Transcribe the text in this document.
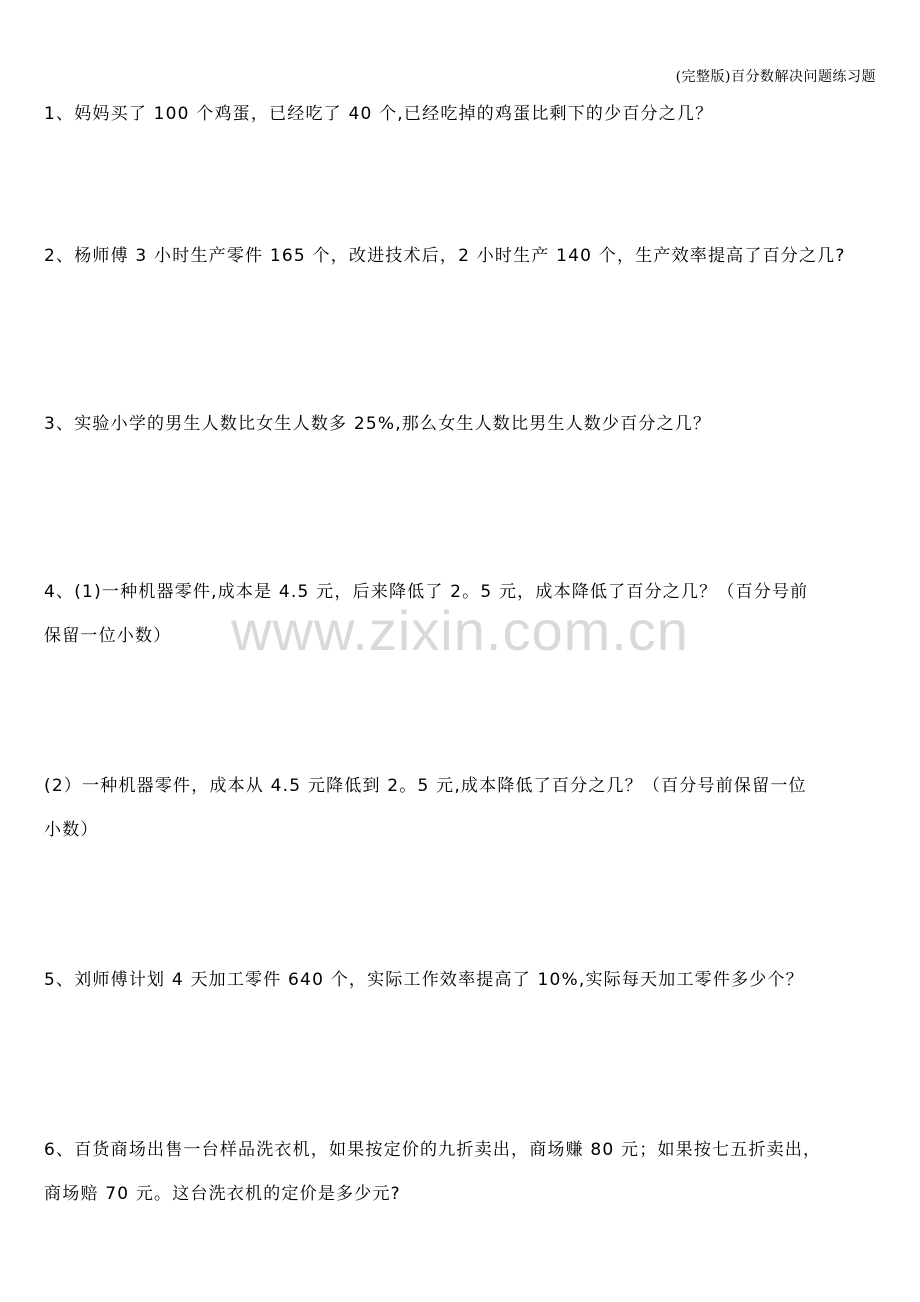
(完整版)百分数解决问题练习题
www.zixin.com.cn
1、妈妈买了 100 个鸡蛋，已经吃了 40 个,已经吃掉的鸡蛋比剩下的少百分之几？
2、杨师傅 3 小时生产零件 165 个，改进技术后，2 小时生产 140 个，生产效率提高了百分之几?
3、实验小学的男生人数比女生人数多 25%,那么女生人数比男生人数少百分之几？
4、(1)一种机器零件,成本是 4.5 元，后来降低了 2。5 元，成本降低了百分之几？（百分号前
保留一位小数）
(2）一种机器零件，成本从 4.5 元降低到 2。5 元,成本降低了百分之几？（百分号前保留一位
小数）
5、刘师傅计划 4 天加工零件 640 个，实际工作效率提高了 10%,实际每天加工零件多少个？
6、百货商场出售一台样品洗衣机，如果按定价的九折卖出，商场赚 80 元；如果按七五折卖出，
商场赔 70 元。这台洗衣机的定价是多少元?
